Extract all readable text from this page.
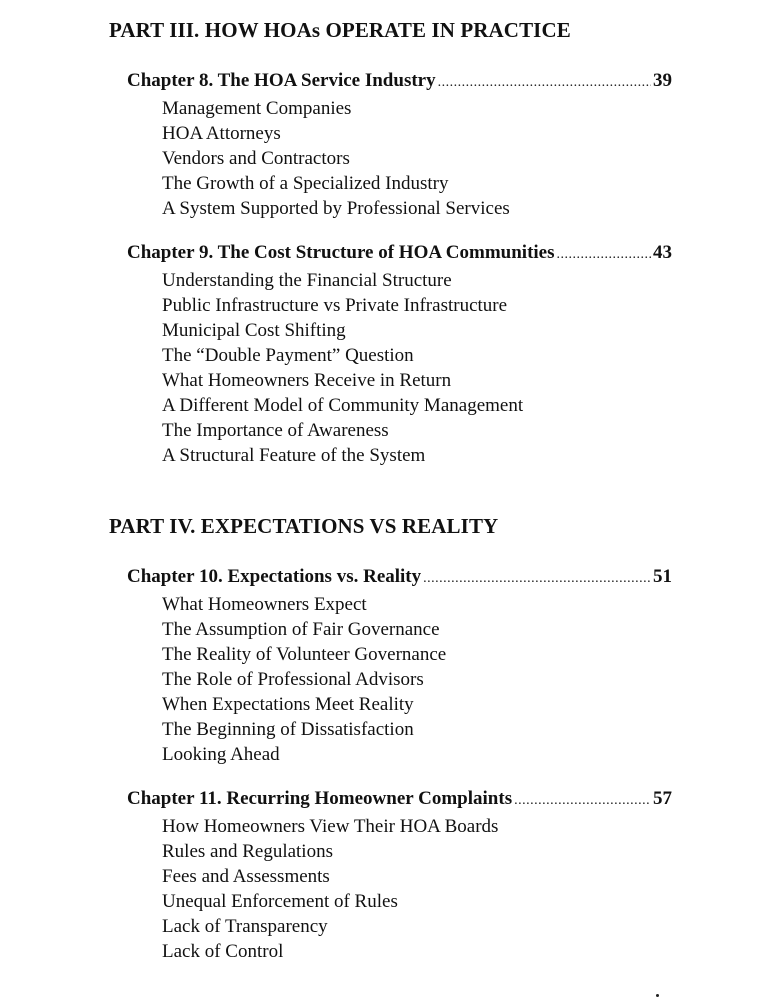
PART III. HOW HOAs OPERATE IN PRACTICE
Chapter 8. The HOA Service Industry .....	39
Management Companies
HOA Attorneys
Vendors and Contractors
The Growth of a Specialized Industry
A System Supported by Professional Services
Chapter 9. The Cost Structure of HOA Communities .....	43
Understanding the Financial Structure
Public Infrastructure vs Private Infrastructure
Municipal Cost Shifting
The “Double Payment” Question
What Homeowners Receive in Return
A Different Model of Community Management
The Importance of Awareness
A Structural Feature of the System
PART IV. EXPECTATIONS VS REALITY
Chapter 10. Expectations vs. Reality .....	51
What Homeowners Expect
The Assumption of Fair Governance
The Reality of Volunteer Governance
The Role of Professional Advisors
When Expectations Meet Reality
The Beginning of Dissatisfaction
Looking Ahead
Chapter 11. Recurring Homeowner Complaints .....	57
How Homeowners View Their HOA Boards
Rules and Regulations
Fees and Assessments
Unequal Enforcement of Rules
Lack of Transparency
Lack of Control
